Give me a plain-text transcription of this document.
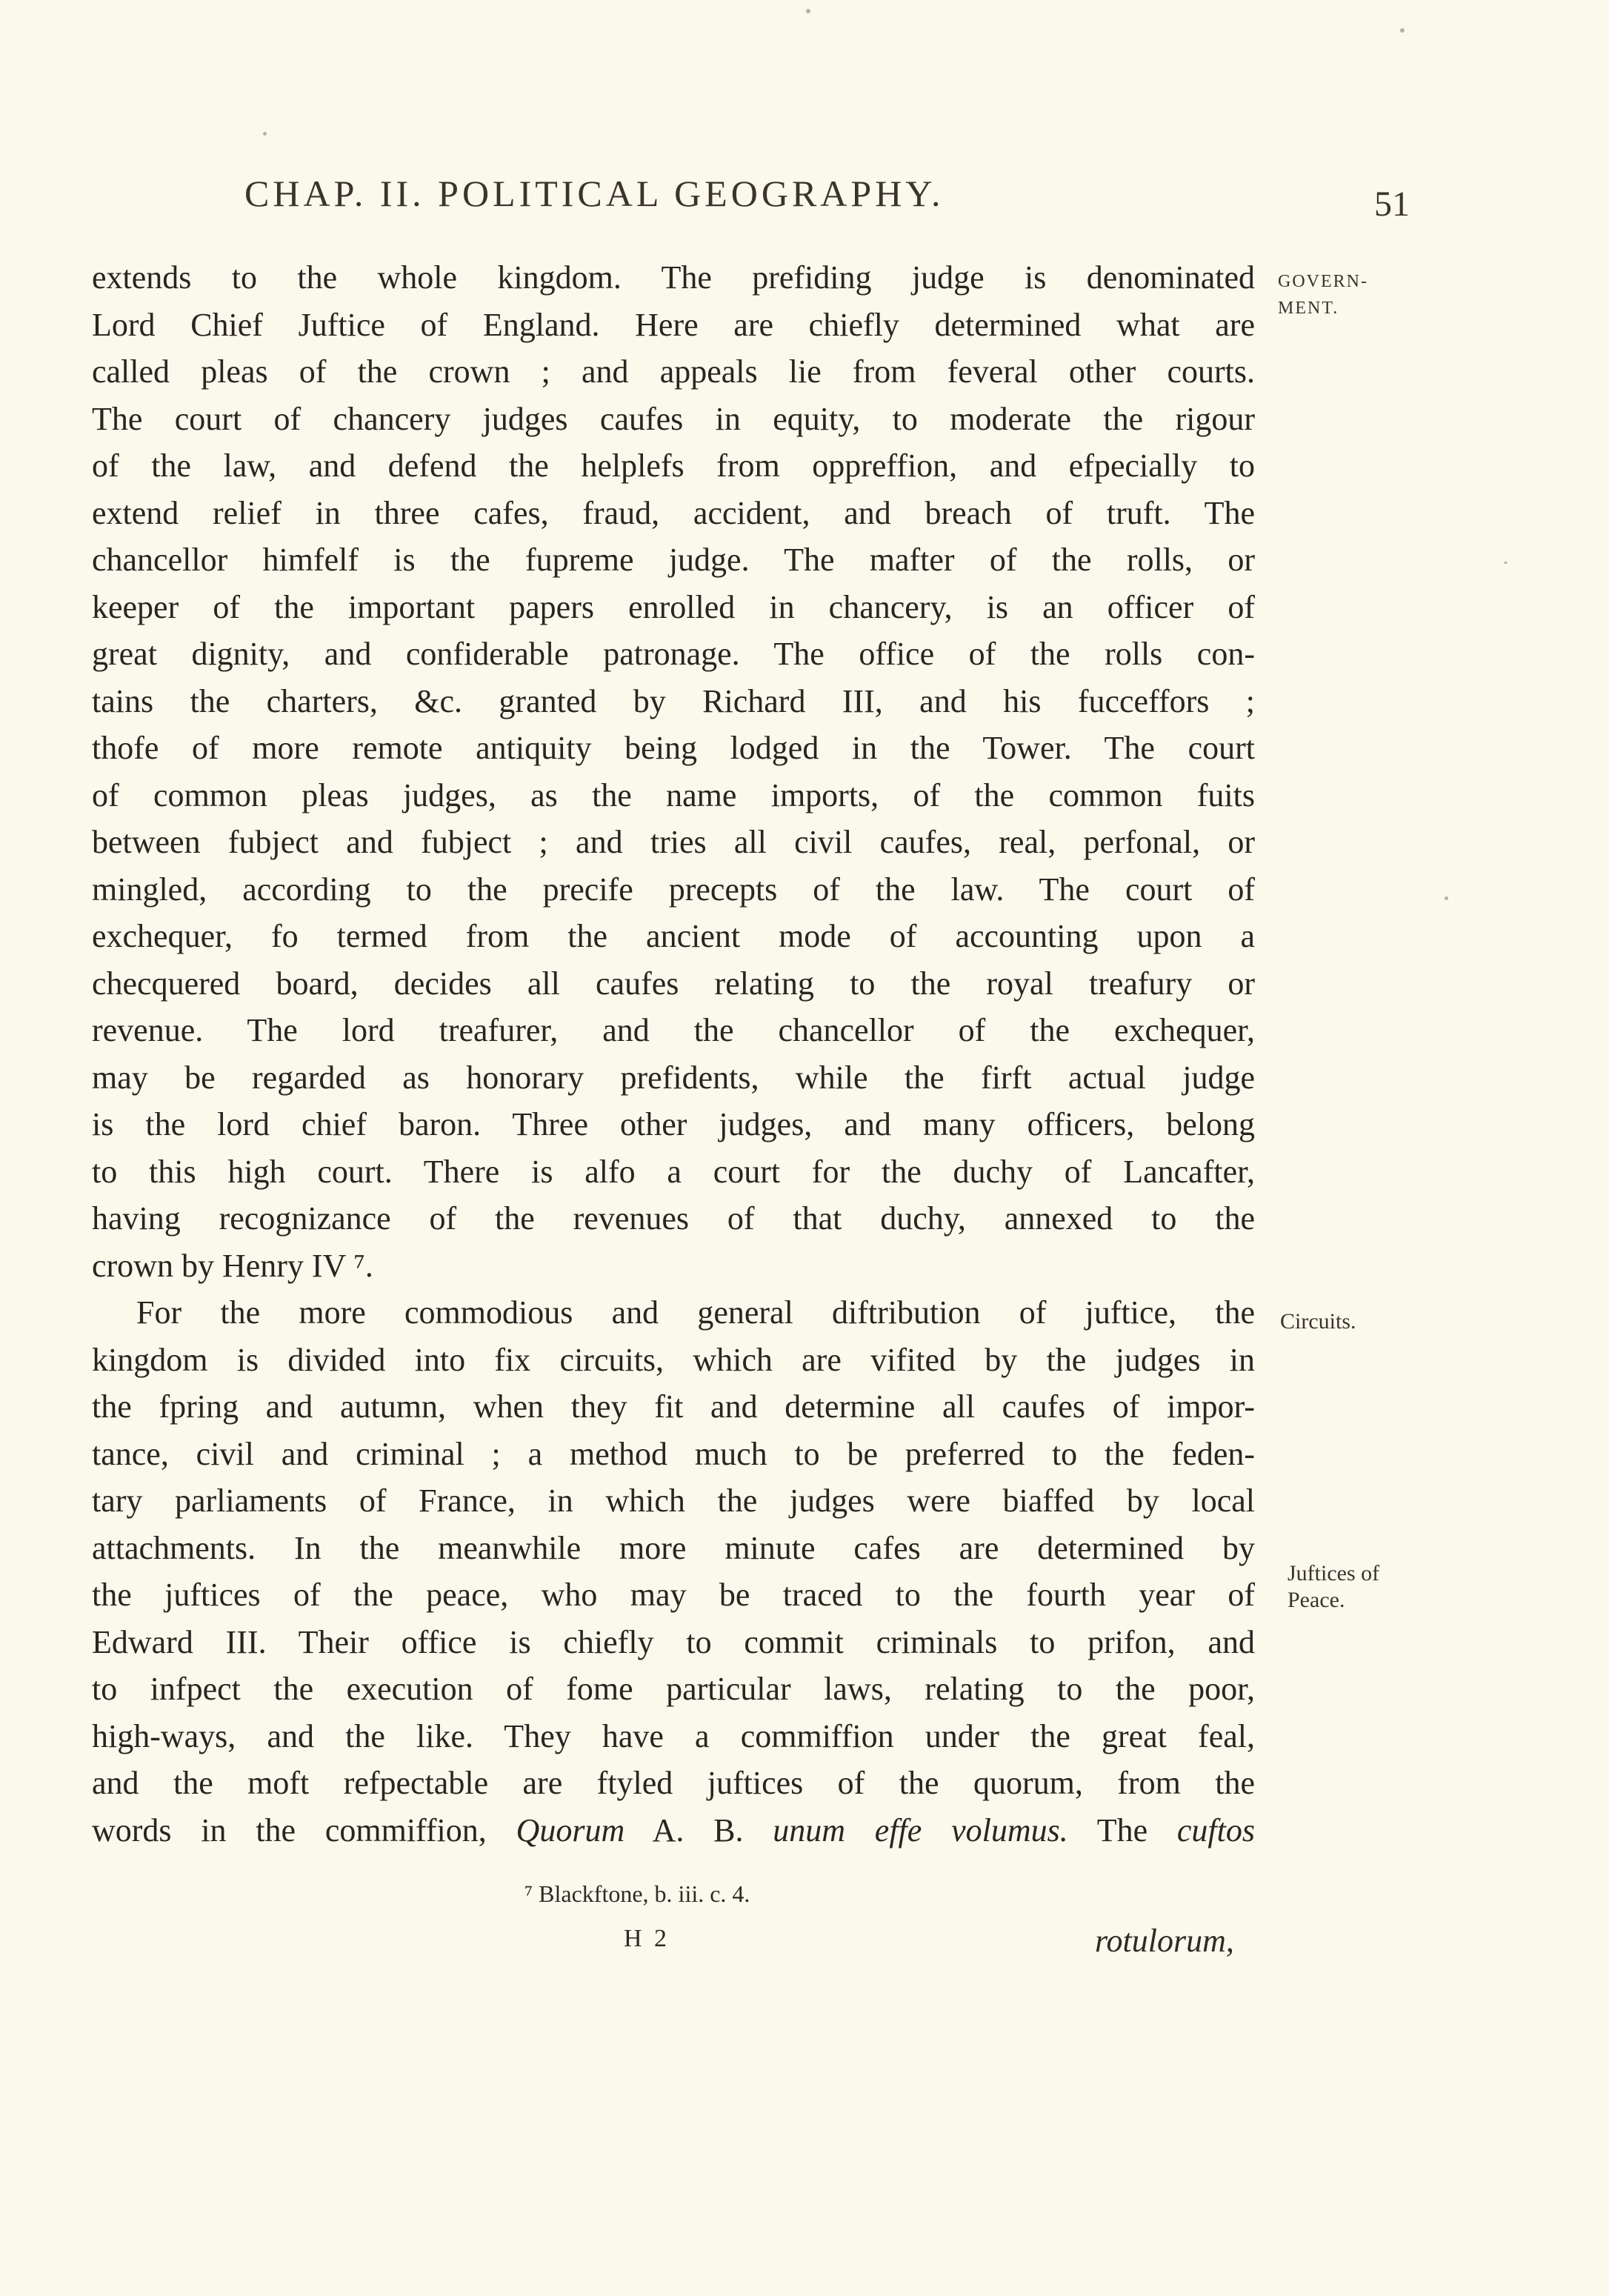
CHAP. II. POLITICAL GEOGRAPHY.	51
extends to the whole kingdom. The prefiding judge is denominated
Lord Chief Juftice of England. Here are chiefly determined what are
called pleas of the crown ; and appeals lie from feveral other courts.
The court of chancery judges caufes in equity, to moderate the rigour
of the law, and defend the helplefs from oppreffion, and efpecially to
extend relief in three cafes, fraud, accident, and breach of truft. The
chancellor himfelf is the fupreme judge. The mafter of the rolls, or
keeper of the important papers enrolled in chancery, is an officer of
great dignity, and confiderable patronage. The office of the rolls con-
tains the charters, &c. granted by Richard III, and his fucceffors ;
thofe of more remote antiquity being lodged in the Tower. The court
of common pleas judges, as the name imports, of the common fuits
between fubject and fubject ; and tries all civil caufes, real, perfonal, or
mingled, according to the precife precepts of the law. The court of
exchequer, fo termed from the ancient mode of accounting upon a
checquered board, decides all caufes relating to the royal treafury or
revenue. The lord treafurer, and the chancellor of the exchequer,
may be regarded as honorary prefidents, while the firft actual judge
is the lord chief baron. Three other judges, and many officers, belong
to this high court. There is alfo a court for the duchy of Lancafter,
having recognizance of the revenues of that duchy, annexed to the
crown by Henry IV ⁷.
For the more commodious and general diftribution of juftice, the
kingdom is divided into fix circuits, which are vifited by the judges in
the fpring and autumn, when they fit and determine all caufes of impor-
tance, civil and criminal ; a method much to be preferred to the feden-
tary parliaments of France, in which the judges were biaffed by local
attachments. In the meanwhile more minute cafes are determined by
the juftices of the peace, who may be traced to the fourth year of
Edward III. Their office is chiefly to commit criminals to prifon, and
to infpect the execution of fome particular laws, relating to the poor,
high-ways, and the like. They have a commiffion under the great feal,
and the moft refpectable are ftyled juftices of the quorum, from the
words in the commiffion, Quorum A. B. unum effe volumus. The cuftos
GOVERN-
MENT.
Circuits.
Juftices of
Peace.
⁷ Blackftone, b. iii. c. 4.
H 2	rotulorum,
